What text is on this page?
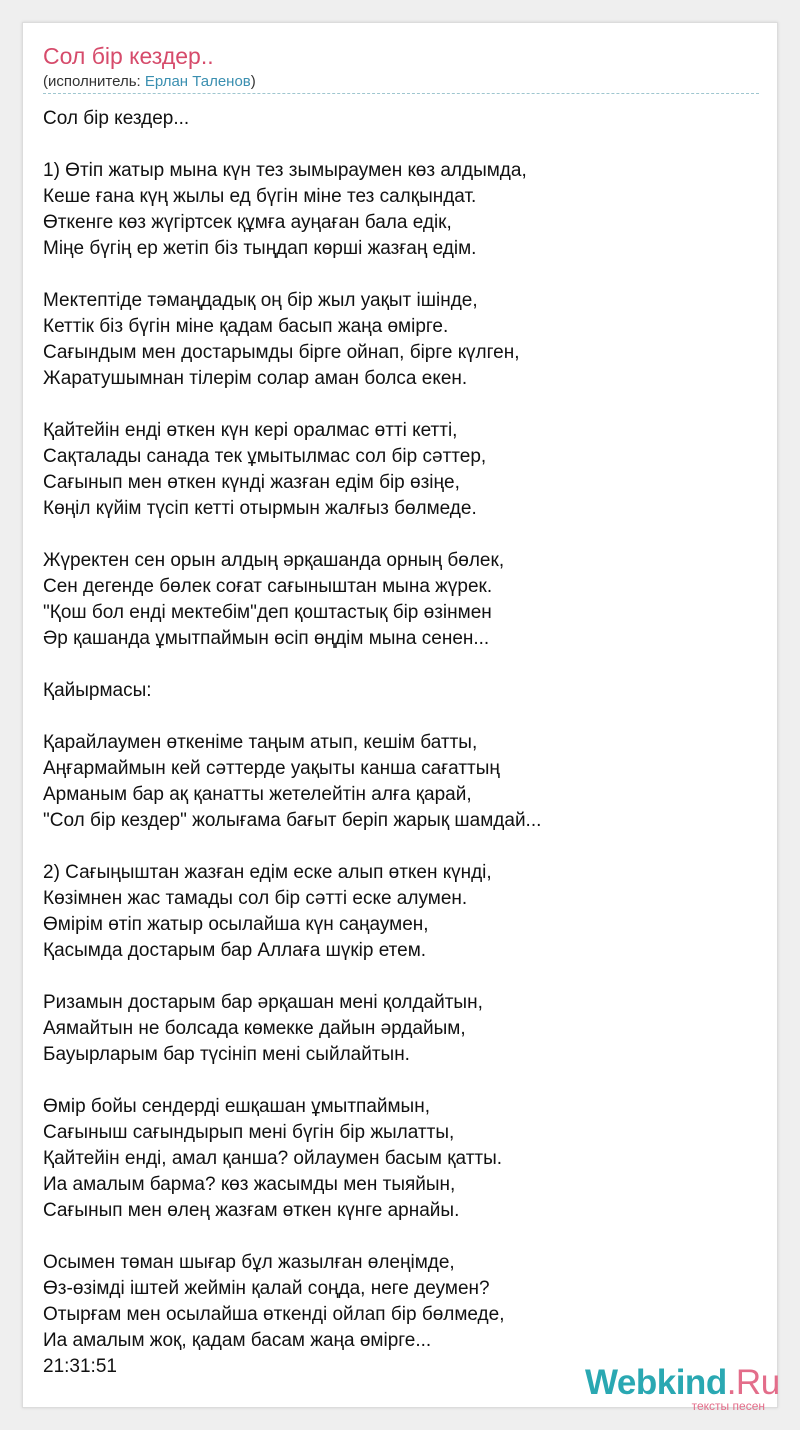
Сол бір кездер..
(исполнитель: Ерлан Таленов)
Сол бір кездер...
1) Өтіп жатыр мына күн тез зымыраумен көз алдымда,
Кеше ғана күң жылы ед бүгін міне тез салқындат.
Өткенге көз жүгіртсек құмға ауңаған бала едік,
Міңе бүгің ер жетіп біз тыңдап көрші жазғаң едім.
Мектептіде тәмаңдадық оң бір жыл уақыт ішінде,
Кеттік біз бүгін міне қадам басып жаңа өмірге.
Сағындым мен достарымды бірге ойнап, бірге күлген,
Жаратушымнан тілерім солар аман болса екен.
Қайтейін енді өткен күн кері оралмас өтті кетті,
Сақталады санада тек ұмытылмас сол бір сәттер,
Сағынып мен өткен күнді жазған едім бір өзіңе,
Көңіл күйім түсіп кетті отырмын жалғыз бөлмеде.
Жүректен сен орын алдың әрқашанда орның бөлек,
Сен дегенде бөлек соғат сағыныштан мына жүрек.
"Қош бол енді мектебім"деп қоштастық бір өзінмен
Әр қашанда ұмытпаймын өсіп өңдім мына сенен...
Қайырмасы:
Қарайлаумен өткеніме таңым атып, кешім батты,
Аңғармаймын кей сәттерде уақыты канша сағаттың
Арманым бар ақ қанатты жетелейтін алға қарай,
"Сол бір кездер" жолығама бағыт беріп жарық шамдай...
2) Сағыңыштан жазған едім еске алып өткен күнді,
Көзімнен жас тамады сол бір сәтті еске алумен.
Өмірім өтіп жатыр осылайша күн саңаумен,
Қасымда достарым бар Аллаға шүкір етем.
Ризамын достарым бар әрқашан мені қолдайтын,
Аямайтын не болсада көмекке дайын әрдайым,
Бауырларым бар түсініп мені сыйлайтын.
Өмір бойы сендерді ешқашан ұмытпаймын,
Сағыныш сағындырып мені бүгін бір жылатты,
Қайтейін енді, амал қанша? ойлаумен басым қатты.
Иа амалым барма? көз жасымды мен тыяйын,
Сағынып мен өлең жазғам өткен күнге арнайы.
Осымен төман шығар бұл жазылған өлеңімде,
Өз-өзімді іштей жеймін қалай соңда, неге деумен?
Отырғам мен осылайша өткенді ойлап бір бөлмеде,
Иа амалым жоқ, қадам басам жаңа өмірге...
21:31:51	Webkind.Ru
тексты песен
